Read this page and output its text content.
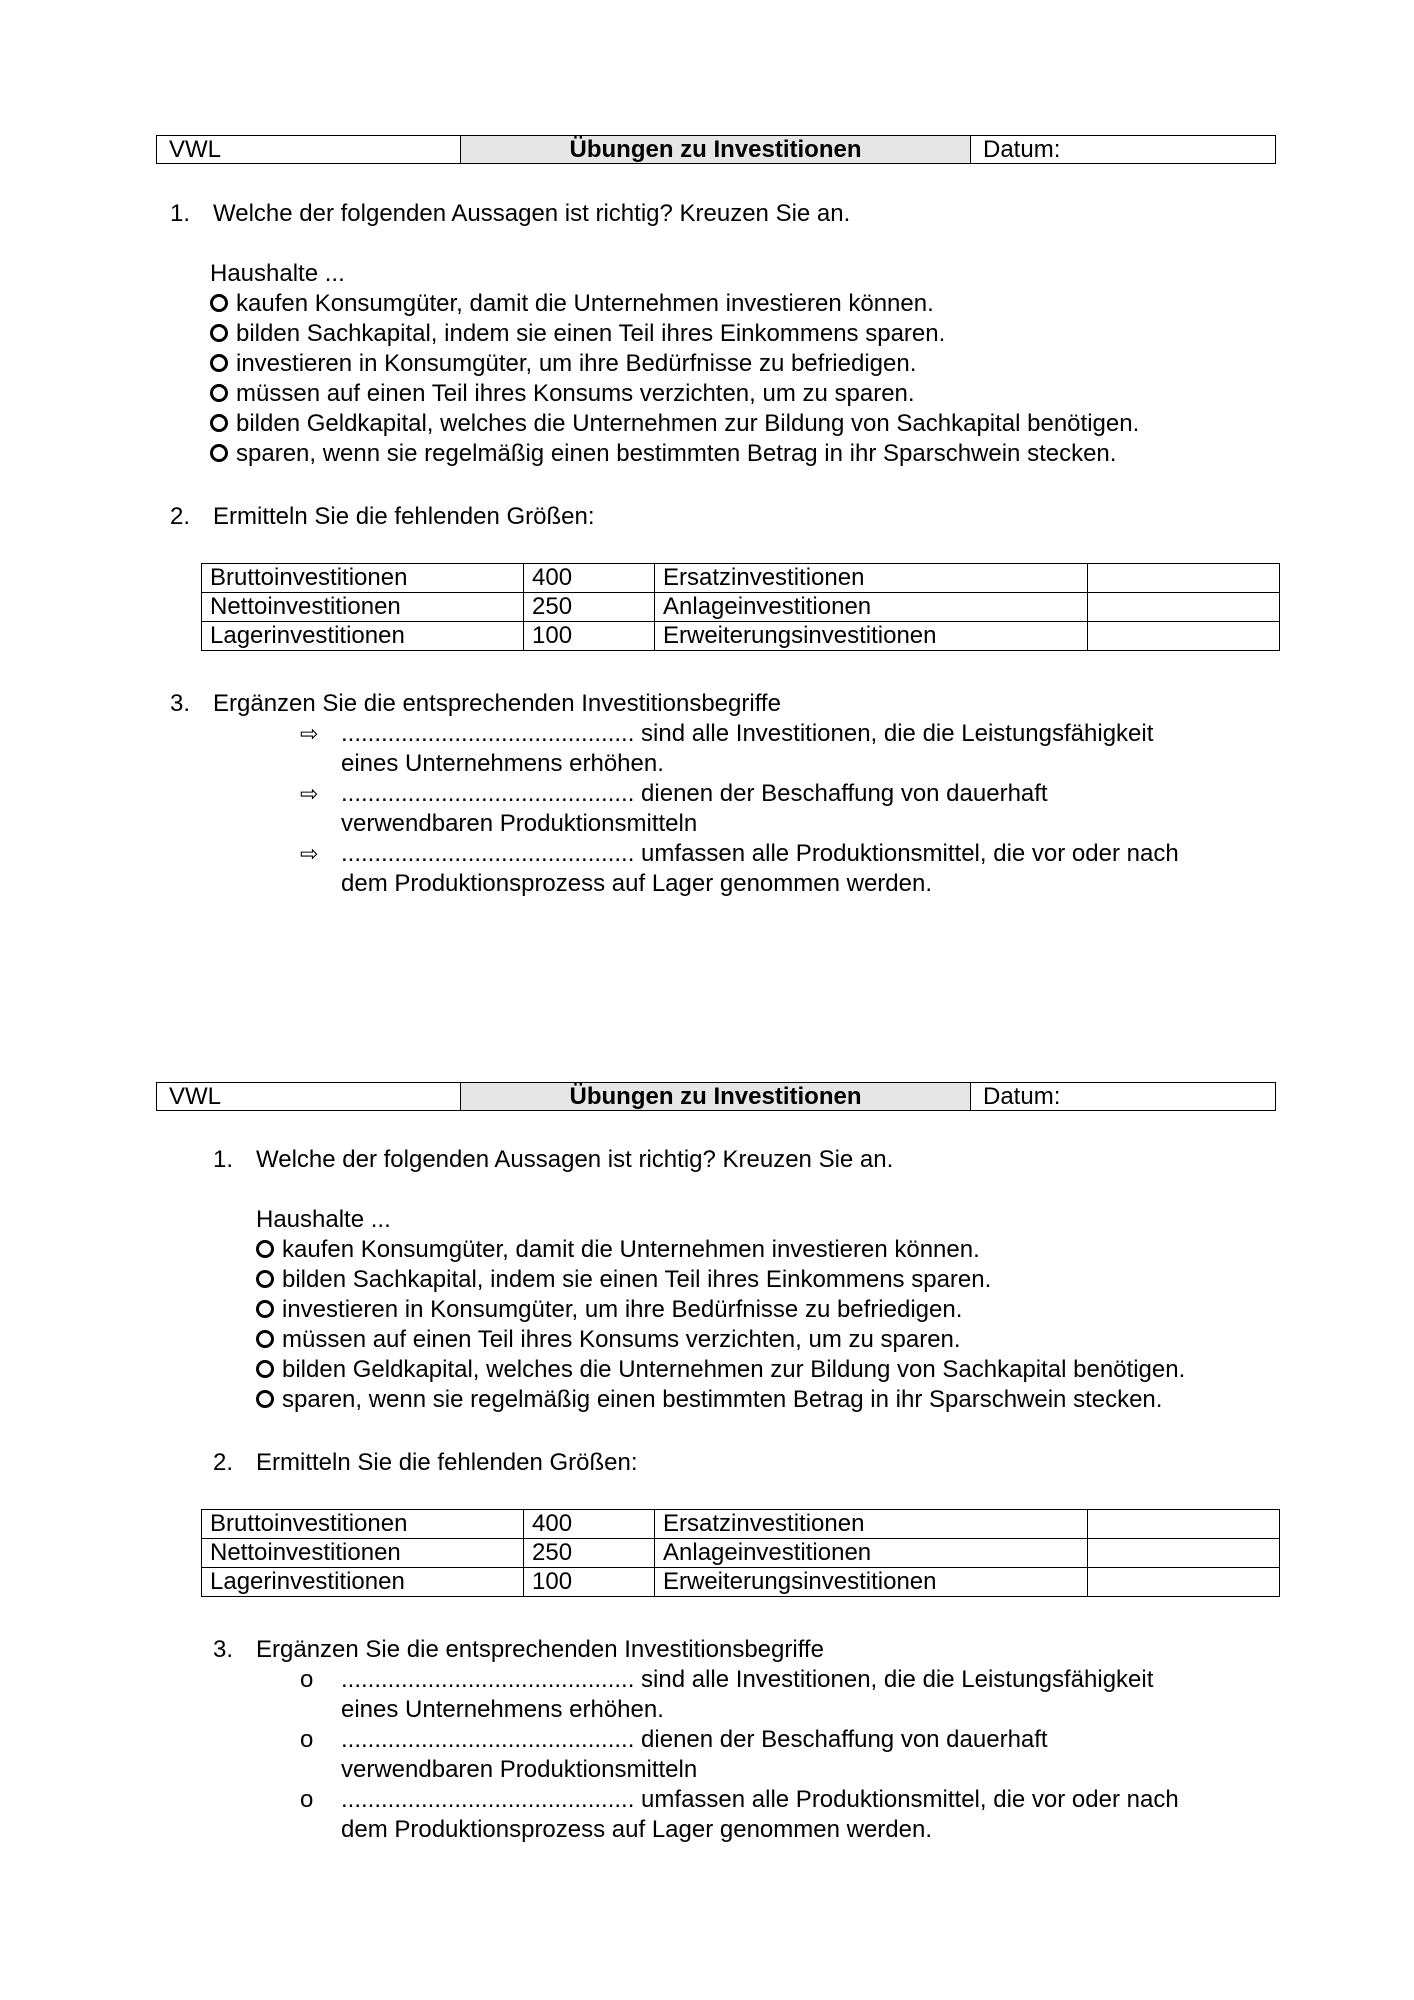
VWL	Übungen zu Investitionen	Datum:
1. Welche der folgenden Aussagen ist richtig? Kreuzen Sie an.
Haushalte ...
kaufen Konsumgüter, damit die Unternehmen investieren können.
bilden Sachkapital, indem sie einen Teil ihres Einkommens sparen.
investieren in Konsumgüter, um ihre Bedürfnisse zu befriedigen.
müssen auf einen Teil ihres Konsums verzichten, um zu sparen.
bilden Geldkapital, welches die Unternehmen zur Bildung von Sachkapital benötigen.
sparen, wenn sie regelmäßig einen bestimmten Betrag in ihr Sparschwein stecken.
2. Ermitteln Sie die fehlenden Größen:
Bruttoinvestitionen	400	Ersatzinvestitionen	
Nettoinvestitionen	250	Anlageinvestitionen	
Lagerinvestitionen	100	Erweiterungsinvestitionen	
3. Ergänzen Sie die entsprechenden Investitionsbegriffe
⇨ ............................................ sind alle Investitionen, die die Leistungsfähigkeit
eines Unternehmens erhöhen.
⇨ ............................................ dienen der Beschaffung von dauerhaft
verwendbaren Produktionsmitteln
⇨ ............................................ umfassen alle Produktionsmittel, die vor oder nach
dem Produktionsprozess auf Lager genommen werden.
VWL	Übungen zu Investitionen	Datum:
1. Welche der folgenden Aussagen ist richtig? Kreuzen Sie an.
Haushalte ...
kaufen Konsumgüter, damit die Unternehmen investieren können.
bilden Sachkapital, indem sie einen Teil ihres Einkommens sparen.
investieren in Konsumgüter, um ihre Bedürfnisse zu befriedigen.
müssen auf einen Teil ihres Konsums verzichten, um zu sparen.
bilden Geldkapital, welches die Unternehmen zur Bildung von Sachkapital benötigen.
sparen, wenn sie regelmäßig einen bestimmten Betrag in ihr Sparschwein stecken.
2. Ermitteln Sie die fehlenden Größen:
Bruttoinvestitionen	400	Ersatzinvestitionen	
Nettoinvestitionen	250	Anlageinvestitionen	
Lagerinvestitionen	100	Erweiterungsinvestitionen	
3. Ergänzen Sie die entsprechenden Investitionsbegriffe
o ............................................ sind alle Investitionen, die die Leistungsfähigkeit
eines Unternehmens erhöhen.
o ............................................ dienen der Beschaffung von dauerhaft
verwendbaren Produktionsmitteln
o ............................................ umfassen alle Produktionsmittel, die vor oder nach
dem Produktionsprozess auf Lager genommen werden.
